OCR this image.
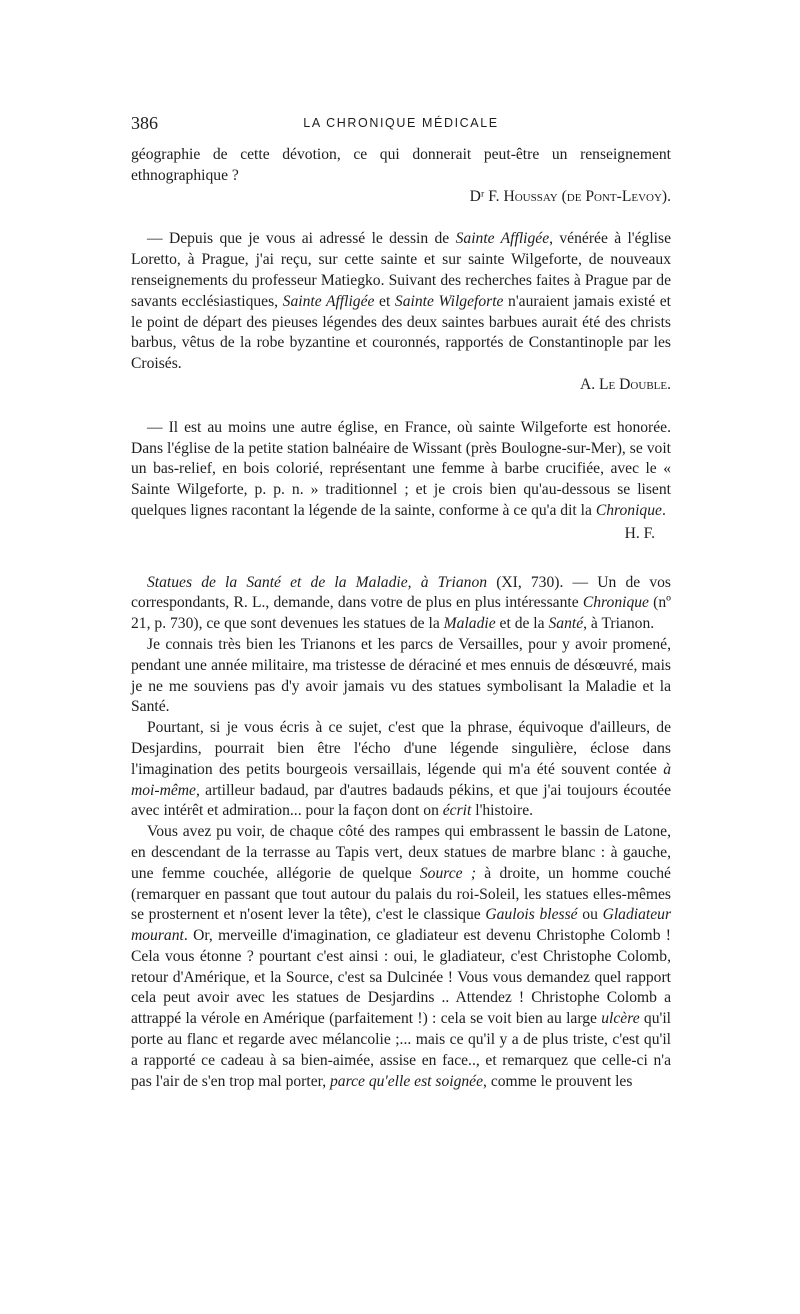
386	LA CHRONIQUE MÉDICALE

géographie de cette dévotion, ce qui donnerait peut-être un renseignement ethnographique ?

Dʳ F. Houssay (de Pont-Levoy).

— Depuis que je vous ai adressé le dessin de Sainte Affligée, vénérée à l'église Loretto, à Prague, j'ai reçu, sur cette sainte et sur sainte Wilgeforte, de nouveaux renseignements du professeur Matiegko. Suivant des recherches faites à Prague par de savants ecclésiastiques, Sainte Affligée et Sainte Wilgeforte n'auraient jamais existé et le point de départ des pieuses légendes des deux saintes barbues aurait été des christs barbus, vêtus de la robe byzantine et couronnés, rapportés de Constantinople par les Croisés.

A. Le Double.

— Il est au moins une autre église, en France, où sainte Wilgeforte est honorée. Dans l'église de la petite station balnéaire de Wissant (près Boulogne-sur-Mer), se voit un bas-relief, en bois colorié, représentant une femme à barbe crucifiée, avec le « Sainte Wilgeforte, p. p. n. » traditionnel ; et je crois bien qu'au-dessous se lisent quelques lignes racontant la légende de la sainte, conforme à ce qu'a dit la Chronique.

H. F.

Statues de la Santé et de la Maladie, à Trianon (XI, 730). — Un de vos correspondants, R. L., demande, dans votre de plus en plus intéressante Chronique (nº 21, p. 730), ce que sont devenues les statues de la Maladie et de la Santé, à Trianon.

Je connais très bien les Trianons et les parcs de Versailles, pour y avoir promené, pendant une année militaire, ma tristesse de déraciné et mes ennuis de désœuvré, mais je ne me souviens pas d'y avoir jamais vu des statues symbolisant la Maladie et la Santé.

Pourtant, si je vous écris à ce sujet, c'est que la phrase, équivoque d'ailleurs, de Desjardins, pourrait bien être l'écho d'une légende singulière, éclose dans l'imagination des petits bourgeois versaillais, légende qui m'a été souvent contée à moi-même, artilleur badaud, par d'autres badauds pékins, et que j'ai toujours écoutée avec intérêt et admiration... pour la façon dont on écrit l'histoire.

Vous avez pu voir, de chaque côté des rampes qui embrassent le bassin de Latone, en descendant de la terrasse au Tapis vert, deux statues de marbre blanc : à gauche, une femme couchée, allégorie de quelque Source ; à droite, un homme couché (remarquer en passant que tout autour du palais du roi-Soleil, les statues elles-mêmes se prosternent et n'osent lever la tête), c'est le classique Gaulois blessé ou Gladiateur mourant. Or, merveille d'imagination, ce gladiateur est devenu Christophe Colomb ! Cela vous étonne ? pourtant c'est ainsi : oui, le gladiateur, c'est Christophe Colomb, retour d'Amérique, et la Source, c'est sa Dulcinée ! Vous vous demandez quel rapport cela peut avoir avec les statues de Desjardins .. Attendez ! Christophe Colomb a attrappé la vérole en Amérique (parfaitement !) : cela se voit bien au large ulcère qu'il porte au flanc et regarde avec mélancolie ;... mais ce qu'il y a de plus triste, c'est qu'il a rapporté ce cadeau à sa bien-aimée, assise en face.., et remarquez que celle-ci n'a pas l'air de s'en trop mal porter, parce qu'elle est soignée, comme le prouvent les
